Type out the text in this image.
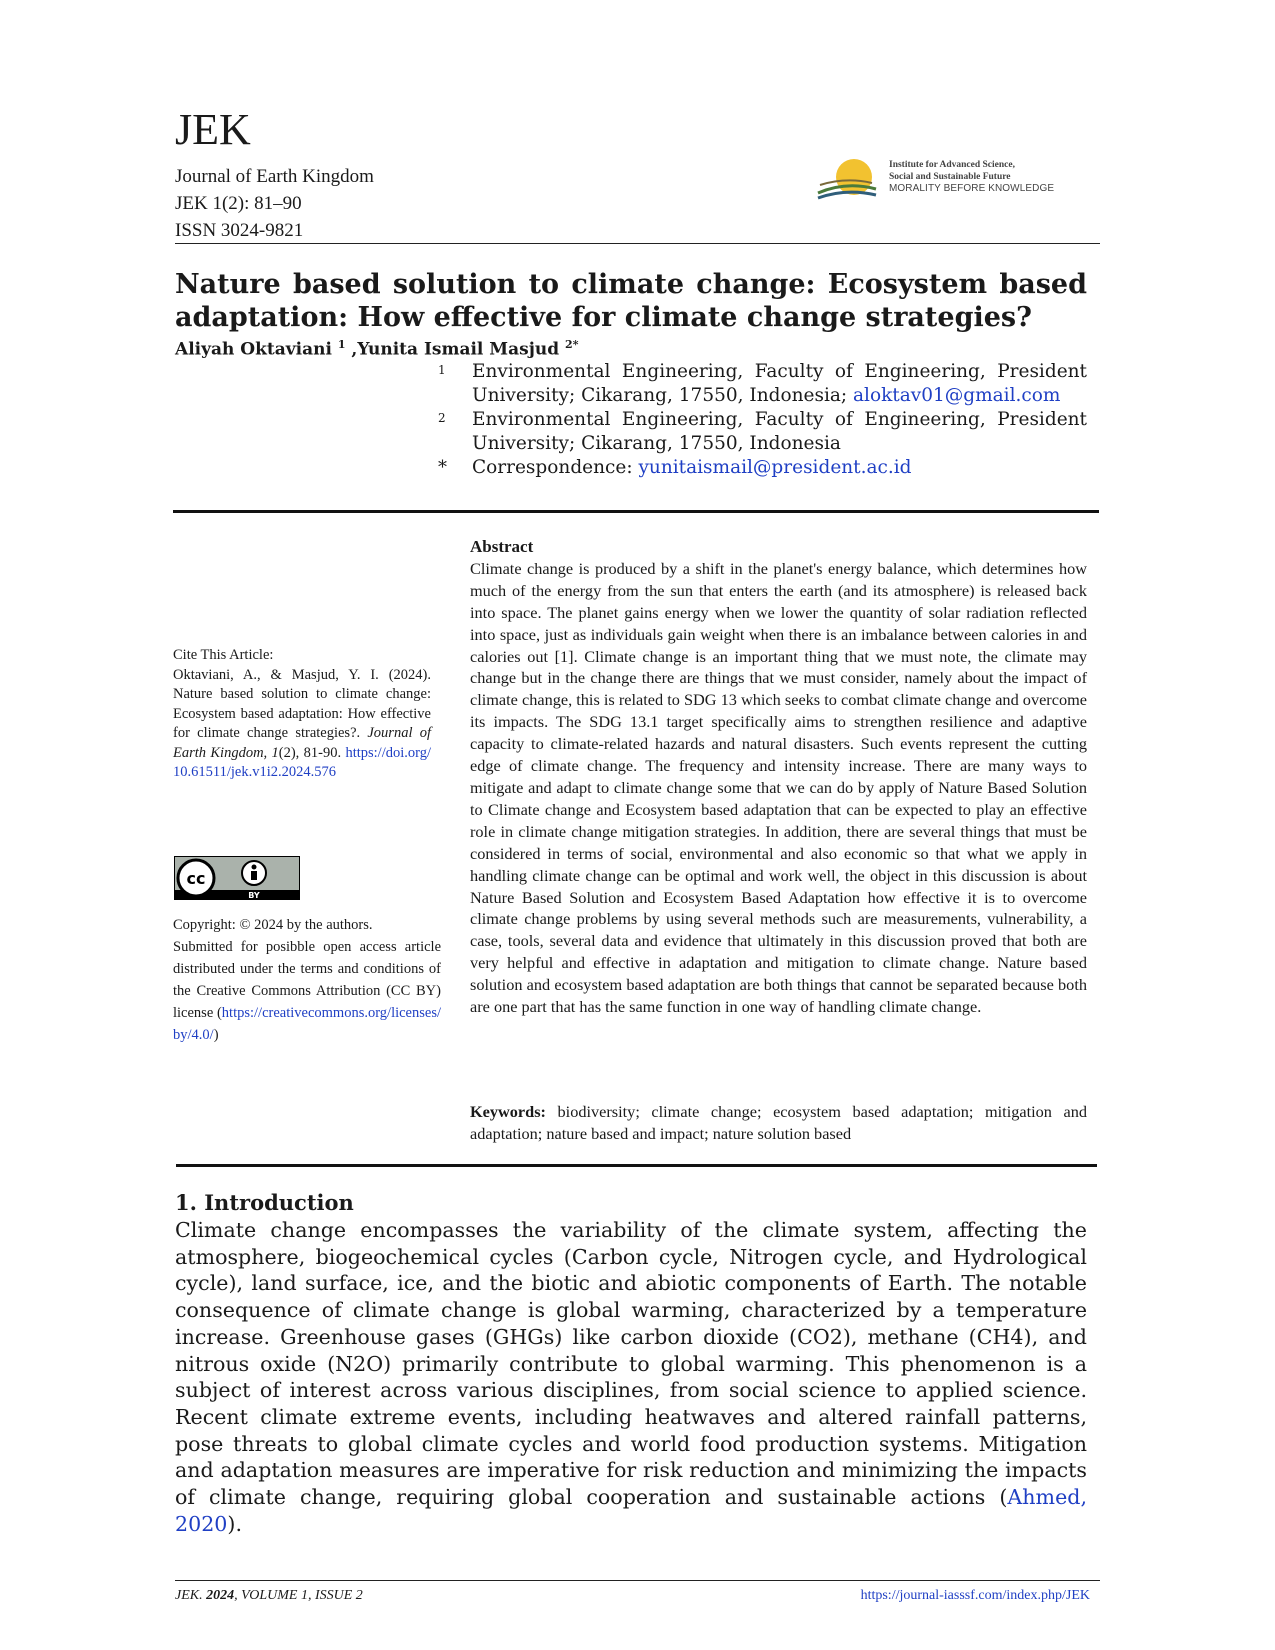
JEK
Journal of Earth Kingdom
JEK 1(2): 81–90
ISSN 3024-9821
Institute for Advanced Science,
Social and Sustainable Future
MORALITY BEFORE KNOWLEDGE
Nature based solution to climate change: Ecosystem based adaptation: How effective for climate change strategies?
Aliyah Oktaviani $^1$ ,Yunita Ismail Masjud $^{2*}$
1 Environmental Engineering, Faculty of Engineering, President University; Cikarang, 17550, Indonesia; aloktav01@gmail.com
2 Environmental Engineering, Faculty of Engineering, President University; Cikarang, 17550, Indonesia
* Correspondence: yunitaismail@president.ac.id
Cite This Article:
Oktaviani, A., & Masjud, Y. I. (2024). Nature based solution to climate change: Ecosystem based adaptation: How effective for climate change strategies?. Journal of Earth Kingdom, 1(2), 81-90. https://doi.org/10.61511/jek.v1i2.2024.576
cc
BY
Copyright: © 2024 by the authors.
Submitted for posibble open access article distributed under the terms and conditions of the Creative Commons Attribution (CC BY) license (https://creativecommons.org/licenses/by/4.0/)
Abstract
Climate change is produced by a shift in the planet's energy balance, which determines how much of the energy from the sun that enters the earth (and its atmosphere) is released back into space. The planet gains energy when we lower the quantity of solar radiation reflected into space, just as individuals gain weight when there is an imbalance between calories in and calories out [1]. Climate change is an important thing that we must note, the climate may change but in the change there are things that we must consider, namely about the impact of climate change, this is related to SDG 13 which seeks to combat climate change and overcome its impacts. The SDG 13.1 target specifically aims to strengthen resilience and adaptive capacity to climate-related hazards and natural disasters. Such events represent the cutting edge of climate change. The frequency and intensity increase. There are many ways to mitigate and adapt to climate change some that we can do by apply of Nature Based Solution to Climate change and Ecosystem based adaptation that can be expected to play an effective role in climate change mitigation strategies. In addition, there are several things that must be considered in terms of social, environmental and also economic so that what we apply in handling climate change can be optimal and work well, the object in this discussion is about Nature Based Solution and Ecosystem Based Adaptation how effective it is to overcome climate change problems by using several methods such are measurements, vulnerability, a case, tools, several data and evidence that ultimately in this discussion proved that both are very helpful and effective in adaptation and mitigation to climate change. Nature based solution and ecosystem based adaptation are both things that cannot be separated because both are one part that has the same function in one way of handling climate change.
Keywords: biodiversity; climate change; ecosystem based adaptation; mitigation and adaptation; nature based and impact; nature solution based
1. Introduction
Climate change encompasses the variability of the climate system, affecting the atmosphere, biogeochemical cycles (Carbon cycle, Nitrogen cycle, and Hydrological cycle), land surface, ice, and the biotic and abiotic components of Earth. The notable consequence of climate change is global warming, characterized by a temperature increase. Greenhouse gases (GHGs) like carbon dioxide (CO2), methane (CH4), and nitrous oxide (N2O) primarily contribute to global warming. This phenomenon is a subject of interest across various disciplines, from social science to applied science. Recent climate extreme events, including heatwaves and altered rainfall patterns, pose threats to global climate cycles and world food production systems. Mitigation and adaptation measures are imperative for risk reduction and minimizing the impacts of climate change, requiring global cooperation and sustainable actions (Ahmed, 2020).
JEK. 2024, VOLUME 1, ISSUE 2	https://journal-iasssf.com/index.php/JEK
